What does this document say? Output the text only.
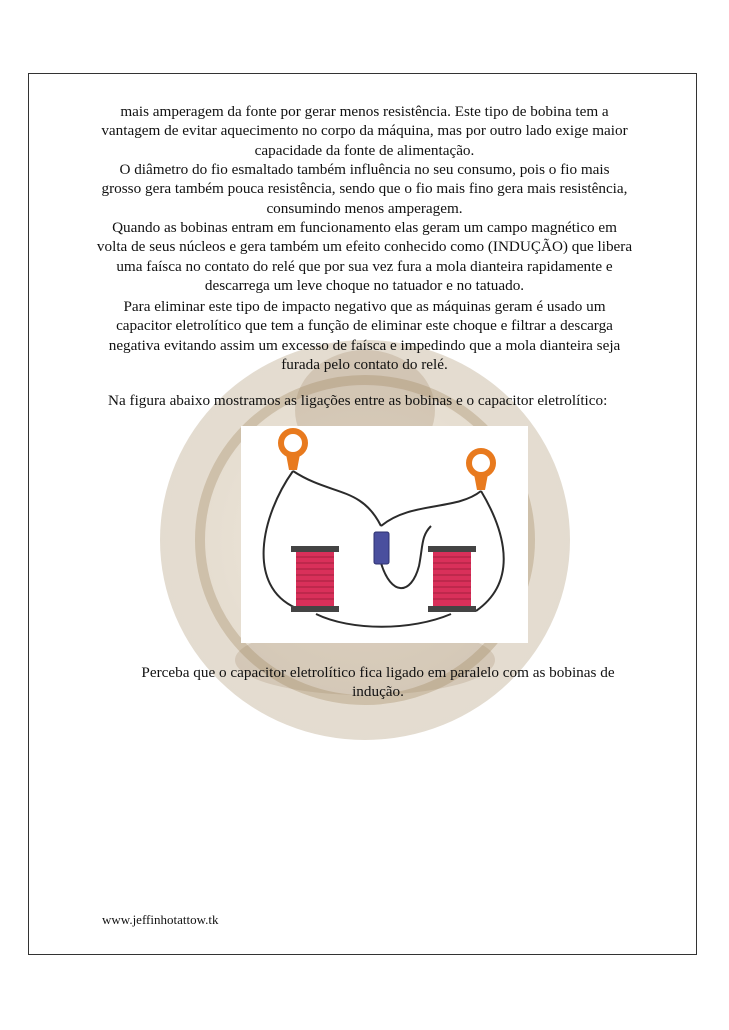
mais amperagem da fonte por gerar menos resistência. Este tipo de bobina tem a
vantagem de evitar aquecimento no corpo da máquina, mas por outro lado exige maior
capacidade da fonte de alimentação.

O diâmetro do fio esmaltado também influência no seu consumo, pois o fio mais
grosso gera também pouca resistência, sendo que o fio mais fino gera mais resistência,
consumindo menos amperagem.

Quando as bobinas entram em funcionamento elas geram um campo magnético em
volta de seus núcleos e gera também um efeito conhecido como (INDUÇÃO) que libera
uma faísca no contato do relé que por sua vez fura a mola dianteira rapidamente e
descarrega um leve choque no tatuador e no tatuado.

Para eliminar este tipo de impacto negativo que as máquinas geram é usado um
capacitor eletrolítico que tem a função de eliminar este choque e filtrar a descarga
negativa evitando assim um excesso de faísca e impedindo que a mola dianteira seja
furada pelo contato do relé.

Na figura abaixo mostramos as ligações entre as bobinas e o capacitor eletrolítico:

Perceba que o capacitor eletrolítico fica ligado em paralelo com as bobinas de
indução.

www.jeffinhotattow.tk
